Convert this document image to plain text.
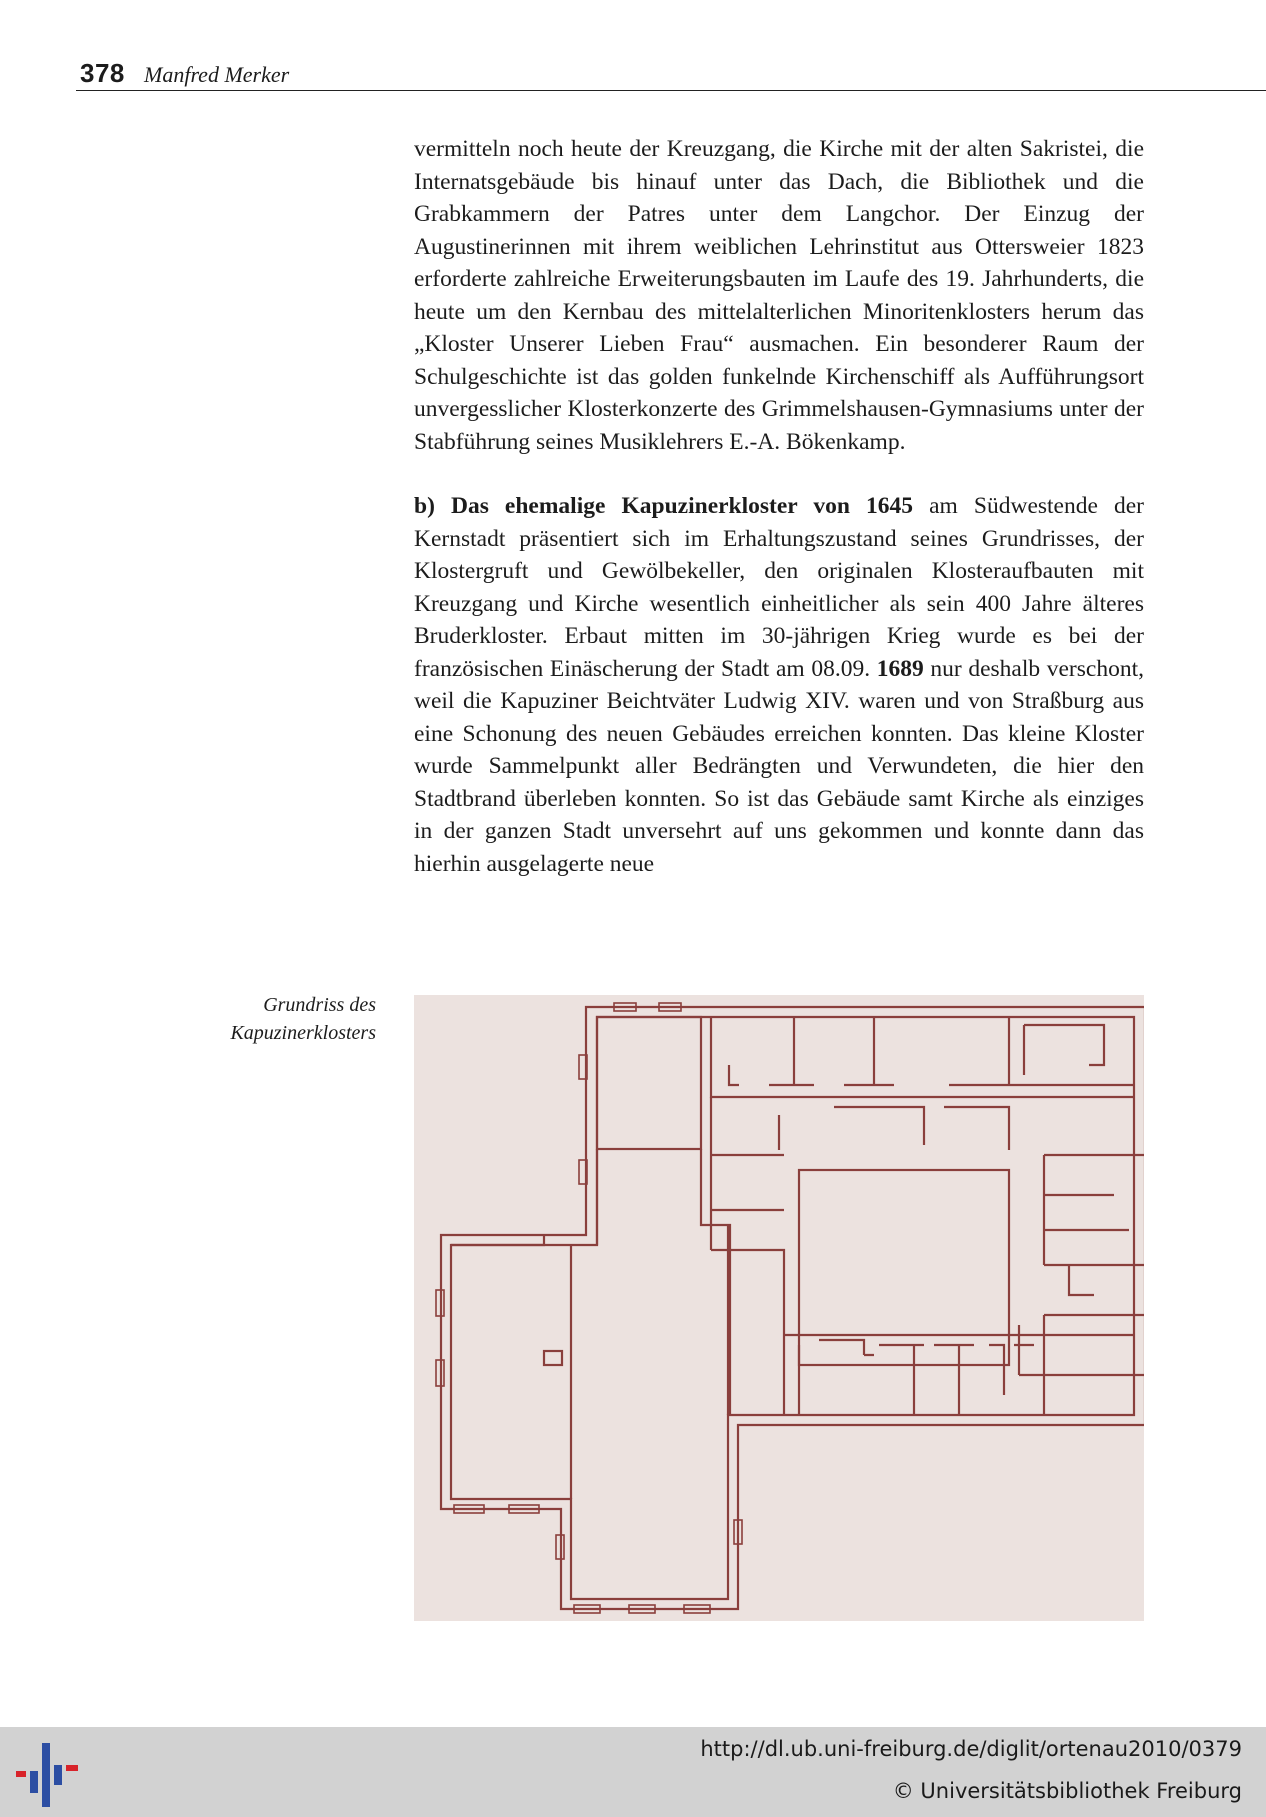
378 Manfred Merker

vermitteln noch heute der Kreuzgang, die Kirche mit der alten Sakristei, die Internatsgebäude bis hinauf unter das Dach, die Bibliothek und die Grabkammern der Patres unter dem Langchor. Der Einzug der Augustinerinnen mit ihrem weiblichen Lehrinstitut aus Ottersweier 1823 erforderte zahlreiche Erweiterungsbauten im Laufe des 19. Jahrhunderts, die heute um den Kernbau des mittelalterlichen Minoritenklosters herum das „Kloster Unserer Lieben Frau“ ausmachen. Ein besonderer Raum der Schulgeschichte ist das golden funkelnde Kirchenschiff als Aufführungsort unvergesslicher Klosterkonzerte des Grimmelshausen-Gymnasiums unter der Stabführung seines Musiklehrers E.-A. Bökenkamp.

b) Das ehemalige Kapuzinerkloster von 1645 am Südwestende der Kernstadt präsentiert sich im Erhaltungszustand seines Grundrisses, der Klostergruft und Gewölbekeller, den originalen Klosteraufbauten mit Kreuzgang und Kirche wesentlich einheitlicher als sein 400 Jahre älteres Bruderkloster. Erbaut mitten im 30-jährigen Krieg wurde es bei der französischen Einäscherung der Stadt am 08.09. 1689 nur deshalb verschont, weil die Kapuziner Beichtväter Ludwig XIV. waren und von Straßburg aus eine Schonung des neuen Gebäudes erreichen konnten. Das kleine Kloster wurde Sammelpunkt aller Bedrängten und Verwundeten, die hier den Stadtbrand überleben konnten. So ist das Gebäude samt Kirche als einziges in der ganzen Stadt unversehrt auf uns gekommen und konnte dann das hierhin ausgelagerte neue

Grundriss des
Kapuzinerklosters
http://dl.ub.uni-freiburg.de/diglit/ortenau2010/0379
© Universitätsbibliothek Freiburg
